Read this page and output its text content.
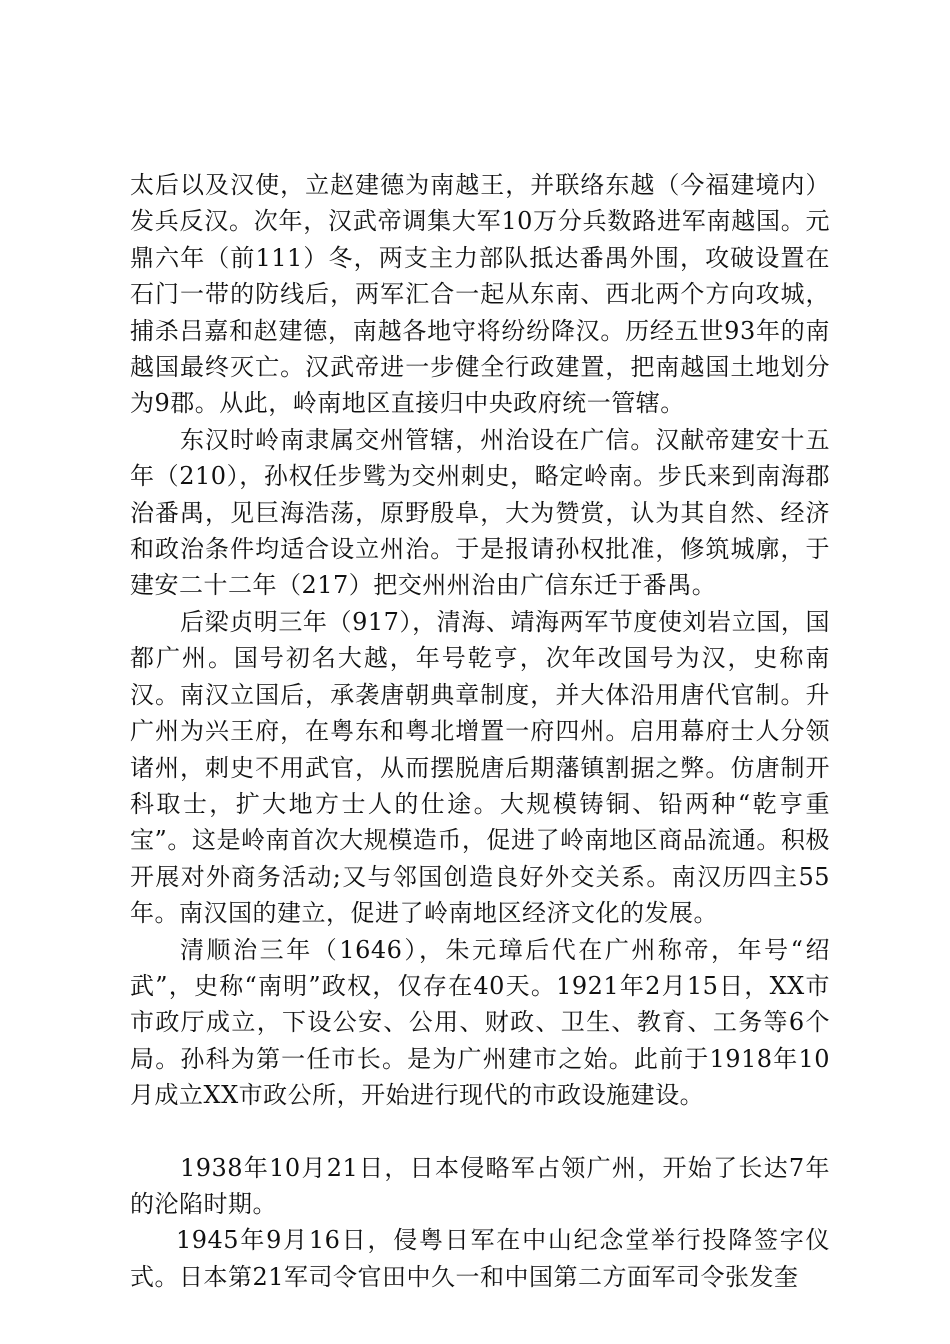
太后以及汉使，立赵建德为南越王，并联络东越（今福建境内）发兵反汉。次年，汉武帝调集大军10万分兵数路进军南越国。元鼎六年（前111）冬，两支主力部队抵达番禺外围，攻破设置在石门一带的防线后，两军汇合一起从东南、西北两个方向攻城，捕杀吕嘉和赵建德，南越各地守将纷纷降汉。历经五世93年的南越国最终灭亡。汉武帝进一步健全行政建置，把南越国土地划分为9郡。从此，岭南地区直接归中央政府统一管辖。

东汉时岭南隶属交州管辖，州治设在广信。汉献帝建安十五年（210），孙权任步骘为交州刺史，略定岭南。步氏来到南海郡治番禺，见巨海浩荡，原野殷阜，大为赞赏，认为其自然、经济和政治条件均适合设立州治。于是报请孙权批准，修筑城廓，于建安二十二年（217）把交州州治由广信东迁于番禺。

后梁贞明三年（917），清海、靖海两军节度使刘岩立国，国都广州。国号初名大越，年号乾亨，次年改国号为汉，史称南汉。南汉立国后，承袭唐朝典章制度，并大体沿用唐代官制。升广州为兴王府，在粤东和粤北增置一府四州。启用幕府士人分领诸州，刺史不用武官，从而摆脱唐后期藩镇割据之弊。仿唐制开科取士，扩大地方士人的仕途。大规模铸铜、铅两种“乾亨重宝”。这是岭南首次大规模造币，促进了岭南地区商品流通。积极开展对外商务活动;又与邻国创造良好外交关系。南汉历四主55年。南汉国的建立，促进了岭南地区经济文化的发展。

清顺治三年（1646），朱元璋后代在广州称帝，年号“绍武”，史称“南明”政权，仅存在40天。1921年2月15日，XX市市政厅成立，下设公安、公用、财政、卫生、教育、工务等6个局。孙科为第一任市长。是为广州建市之始。此前于1918年10月成立XX市政公所，开始进行现代的市政设施建设。

1938年10月21日，日本侵略军占领广州，开始了长达7年的沦陷时期。

1945年9月16日，侵粤日军在中山纪念堂举行投降签字仪式。日本第21军司令官田中久一和中国第二方面军司令张发奎
